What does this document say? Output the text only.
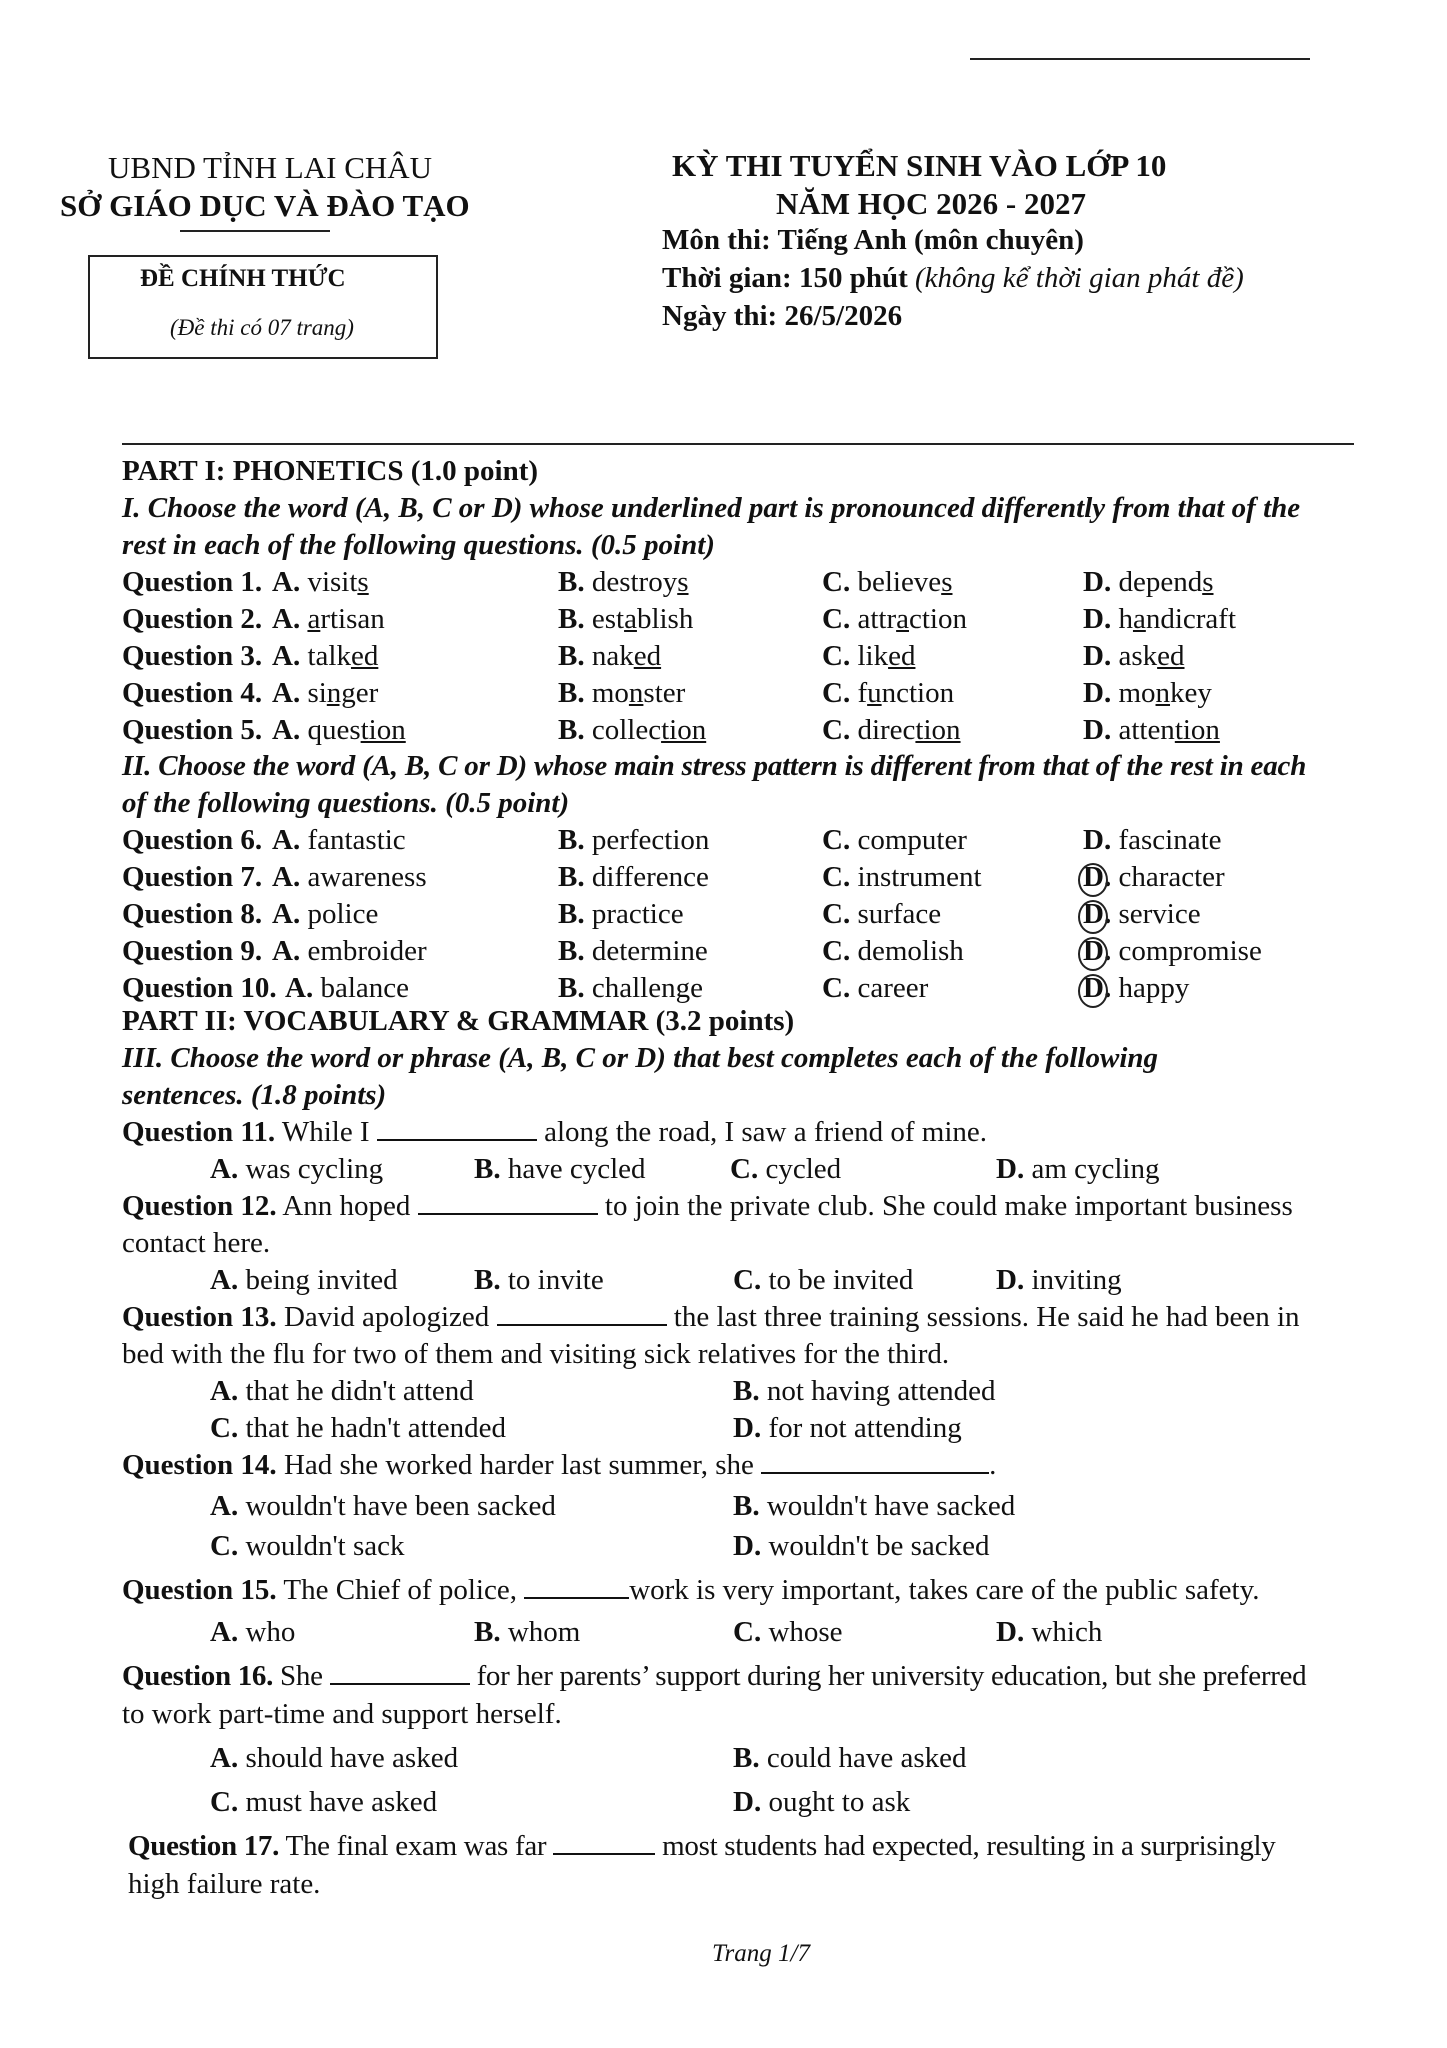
UBND TỈNH LAI CHÂU
SỞ GIÁO DỤC VÀ ĐÀO TẠO
ĐỀ CHÍNH THỨC
(Đề thi có 07 trang)
KỲ THI TUYỂN SINH VÀO LỚP 10
NĂM HỌC 2026 - 2027
Môn thi: Tiếng Anh (môn chuyên)
Thời gian: 150 phút (không kể thời gian phát đề)
Ngày thi: 26/5/2026
PART I: PHONETICS (1.0 point)
I. Choose the word (A, B, C or D) whose underlined part is pronounced differently from that of the
rest in each of the following questions. (0.5 point)
Question 1. A. visits	B. destroys	C. believes	D. depends
Question 2. A. artisan	B. establish	C. attraction	D. handicraft
Question 3. A. talked	B. naked	C. liked	D. asked
Question 4. A. singer	B. monster	C. function	D. monkey
Question 5. A. question	B. collection	C. direction	D. attention
II. Choose the word (A, B, C or D) whose main stress pattern is different from that of the rest in each
of the following questions. (0.5 point)
Question 6. A. fantastic	B. perfection	C. computer	D. fascinate
Question 7. A. awareness	B. difference	C. instrument	D. character
Question 8. A. police	B. practice	C. surface	D. service
Question 9. A. embroider	B. determine	C. demolish	D. compromise
Question 10. A. balance	B. challenge	C. career	D. happy
PART II: VOCABULARY & GRAMMAR (3.2 points)
III. Choose the word or phrase (A, B, C or D) that best completes each of the following
sentences. (1.8 points)
Question 11. While I	along the road, I saw a friend of mine.
A. was cycling	B. have cycled	C. cycled	D. am cycling
Question 12. Ann hoped	to join the private club. She could make important business
contact here.
A. being invited	B. to invite	C. to be invited	D. inviting
Question 13. David apologized	the last three training sessions. He said he had been in
bed with the flu for two of them and visiting sick relatives for the third.
A. that he didn't attend	B. not having attended
C. that he hadn't attended	D. for not attending
Question 14. Had she worked harder last summer, she	.
A. wouldn't have been sacked	B. wouldn't have sacked
C. wouldn't sack	D. wouldn't be sacked
Question 15. The Chief of police,	work is very important, takes care of the public safety.
A. who	B. whom	C. whose	D. which
Question 16. She	for her parents’ support during her university education, but she preferred
to work part-time and support herself.
A. should have asked	B. could have asked
C. must have asked	D. ought to ask
Question 17. The final exam was far	most students had expected, resulting in a surprisingly
high failure rate.
Trang 1/7
